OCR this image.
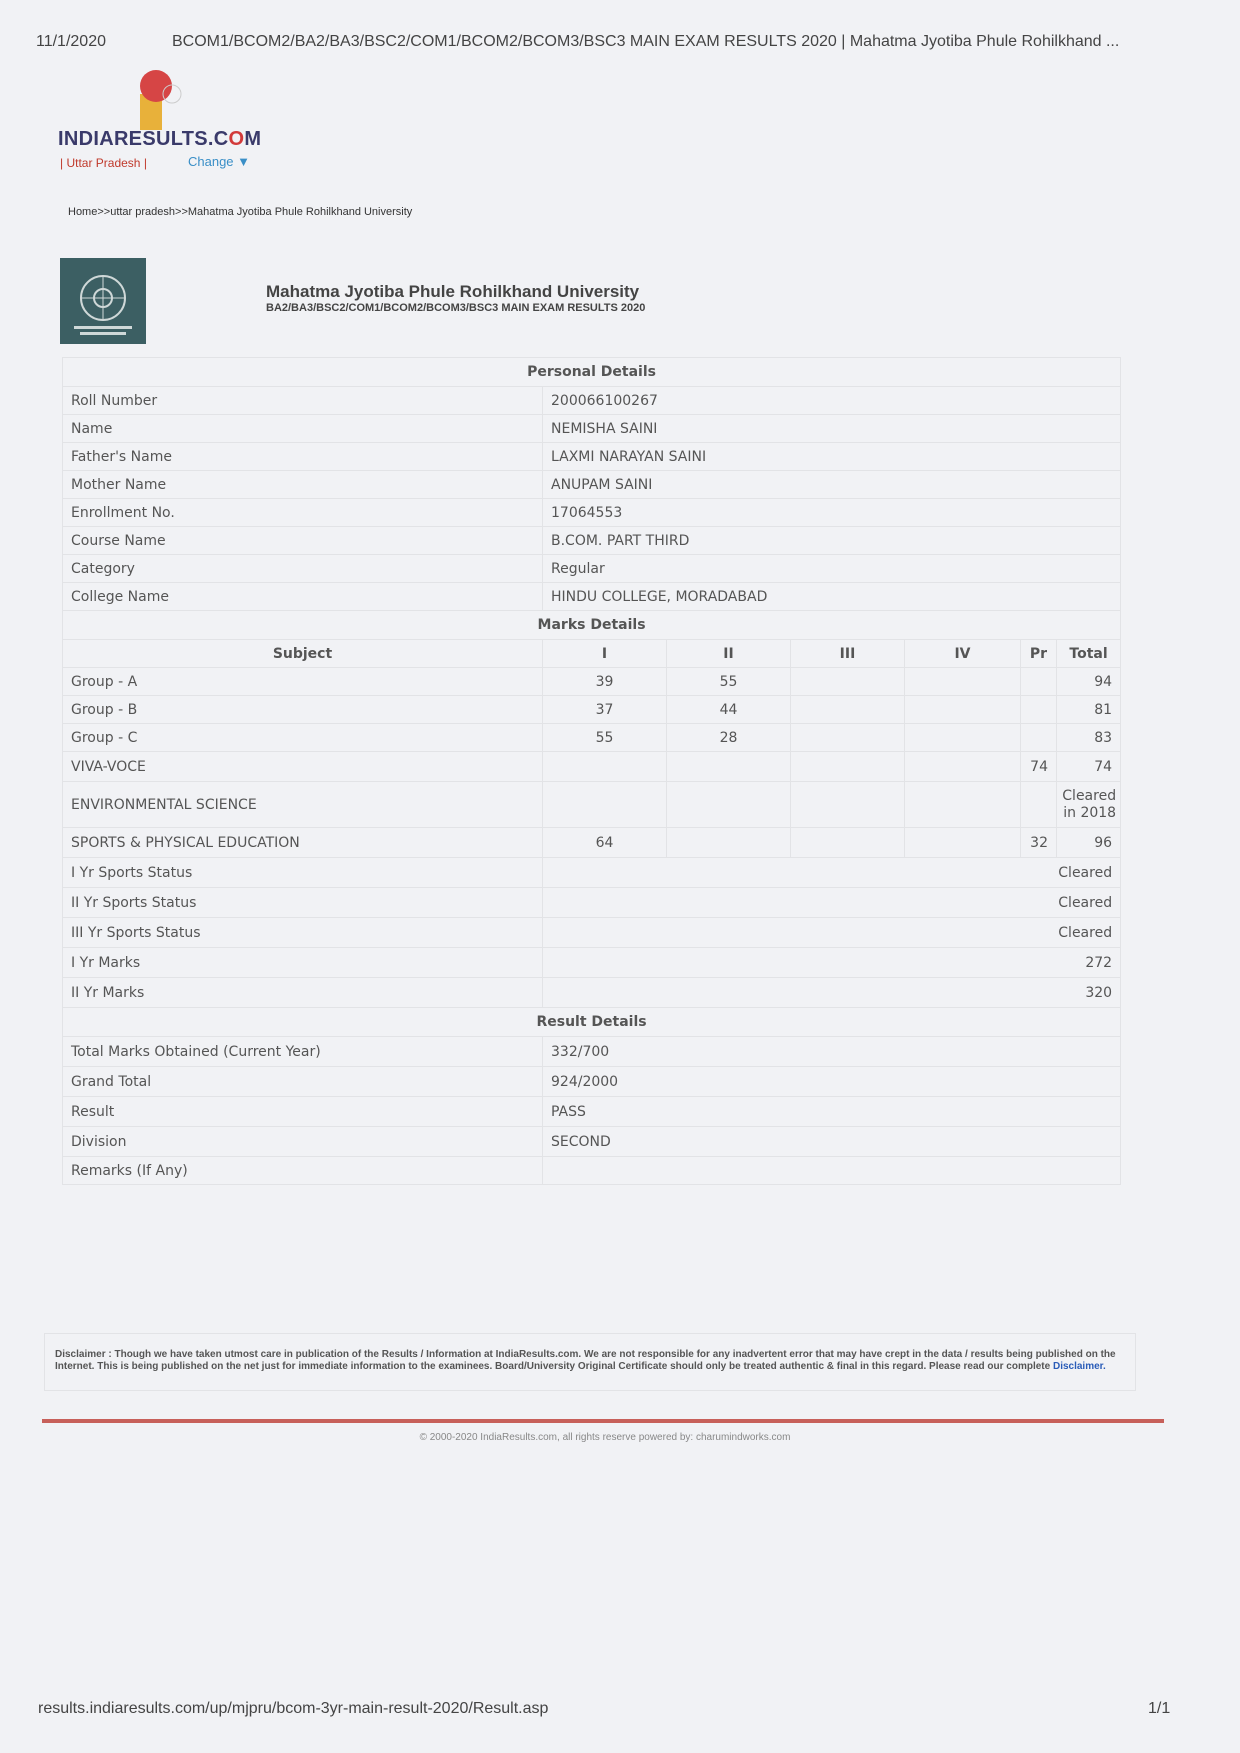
11/1/2020	BCOM1/BCOM2/BA2/BA3/BSC2/COM1/BCOM2/BCOM3/BSC3 MAIN EXAM RESULTS 2020 | Mahatma Jyotiba Phule Rohilkhand ...
INDIARESULTS.COM
| Uttar Pradesh |	Change ▼
Home>>uttar pradesh>>Mahatma Jyotiba Phule Rohilkhand University
Mahatma Jyotiba Phule Rohilkhand University
BA2/BA3/BSC2/COM1/BCOM2/BCOM3/BSC3 MAIN EXAM RESULTS 2020
Personal Details						
Roll Number	200066100267					
Name	NEMISHA SAINI					
Father's Name	LAXMI NARAYAN SAINI					
Mother Name	ANUPAM SAINI					
Enrollment No.	17064553					
Course Name	B.COM. PART THIRD					
Category	Regular					
College Name	HINDU COLLEGE, MORADABAD					
Marks Details						
Subject	I	II	III	IV	Pr	Total
Group - A	39	55				94
Group - B	37	44				81
Group - C	55	28				83
VIVA-VOCE					74	74
ENVIRONMENTAL SCIENCE						Cleared in 2018
SPORTS & PHYSICAL EDUCATION	64				32	96
I Yr Sports Status	Cleared					
II Yr Sports Status	Cleared					
III Yr Sports Status	Cleared					
I Yr Marks	272					
II Yr Marks	320					
Result Details						
Total Marks Obtained (Current Year)	332/700					
Grand Total	924/2000					
Result	PASS					
Division	SECOND					
Remarks (If Any)						
Disclaimer : Though we have taken utmost care in publication of the Results / Information at IndiaResults.com. We are not responsible for any inadvertent error that may have crept in the data / results being published on the Internet. This is being published on the net just for immediate information to the examinees. Board/University Original Certificate should only be treated authentic & final in this regard. Please read our complete Disclaimer.
© 2000-2020 IndiaResults.com, all rights reserve powered by: charumindworks.com
results.indiaresults.com/up/mjpru/bcom-3yr-main-result-2020/Result.asp	1/1
